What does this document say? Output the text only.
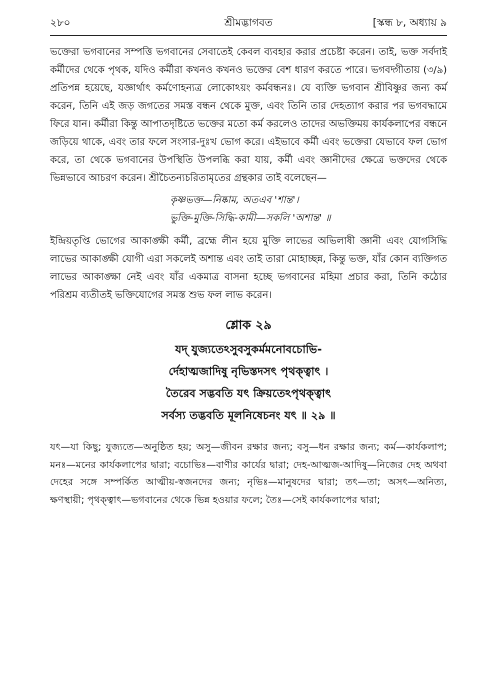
২৮০	শ্রীমদ্ভাগবত	[স্কন্ধ ৮, অধ্যায় ৯

ভক্তেরা ভগবানের সম্পত্তি ভগবানের সেবাতেই কেবল ব্যবহার করার প্রচেষ্টা করেন। তাই, ভক্ত সর্বদাই কর্মীদের থেকে পৃথক, যদিও কর্মীরা কখনও কখনও ভক্তের বেশ ধারণ করতে পারে। ভগবদ্গীতায় (৩/৯) প্রতিপন্ন হয়েছে, যজ্ঞার্থাৎ কর্মণোহন্যত্র লোকোঽয়ং কর্মবন্ধনঃ। যে ব্যক্তি ভগবান শ্রীবিষ্ণুর জন্য কর্ম করেন, তিনি এই জড় জগতের সমস্ত বন্ধন থেকে মুক্ত, এবং তিনি তার দেহত্যাগ করার পর ভগবদ্ধামে ফিরে যান। কর্মীরা কিন্তু আপাতদৃষ্টিতে ভক্তের মতো কর্ম করলেও তাদের অভক্তিময় কার্যকলাপের বন্ধনে জড়িয়ে থাকে, এবং তার ফলে সংসার-দুঃখ ভোগ করে। এইভাবে কর্মী এবং ভক্তেরা যেভাবে ফল ভোগ করে, তা থেকে ভগবানের উপস্থিতি উপলব্ধি করা যায়, কর্মী এবং জ্ঞানীদের ক্ষেত্রে ভক্তদের থেকে ভিন্নভাবে আচরণ করেন। শ্রীচৈতন্যচরিতামৃতের গ্রন্থকার তাই বলেছেন—

কৃষ্ণভক্ত—নিষ্কাম, অতএব 'শান্ত'।
ভুক্তি-মুক্তি-সিদ্ধি-কামী—সকলি 'অশান্ত' ॥

ইন্দ্রিয়তৃপ্তি ভোগের আকাঙ্ক্ষী কর্মী, ব্রহ্মে লীন হয়ে মুক্তি লাভের অভিলাষী জ্ঞানী এবং যোগসিদ্ধি লাভের আকাঙ্ক্ষী যোগী এরা সকলেই অশান্ত এবং তাই তারা মোহাচ্ছন্ন, কিন্তু ভক্ত, যাঁর কোন ব্যক্তিগত লাভের আকাঙ্ক্ষা নেই এবং যাঁর একমাত্র বাসনা হচ্ছে ভগবানের মহিমা প্রচার করা, তিনি কঠোর পরিশ্রম ব্যতীতই ভক্তিযোগের সমস্ত শুভ ফল লাভ করেন।

শ্লোক ২৯

যদ্ যুজ্যতেঽসুবসুকর্মমনোবচোভি-

র্দেহাত্মজাদিষু নৃভিস্তদসৎ পৃথক্ত্বাৎ ।

তৈরেব সদ্ভবতি যৎ ক্রিয়তেঽপৃথক্ত্বাৎ

সর্বস্য তদ্ভবতি মূলনিষেচনং যৎ ॥ ২৯ ॥

যৎ—যা কিছু; যুজ্যতে—অনুষ্ঠিত হয়; অসু—জীবন রক্ষার জন্য; বসু—ধন রক্ষার জন্য; কর্ম—কার্যকলাপ; মনঃ—মনের কার্যকলাপের দ্বারা; বচোভিঃ—বাণীর কার্যের দ্বারা; দেহ-আত্মজ-আদিষু—নিজের দেহ অথবা দেহের সঙ্গে সম্পর্কিত আত্মীয়-স্বজনদের জন্য; নৃভিঃ—মানুষদের দ্বারা; তৎ—তা; অসৎ—অনিত্য, ক্ষণস্থায়ী; পৃথক্ত্বাৎ—ভগবানের থেকে ভিন্ন হওয়ার ফলে; তৈঃ—সেই কার্যকলাপের দ্বারা;
